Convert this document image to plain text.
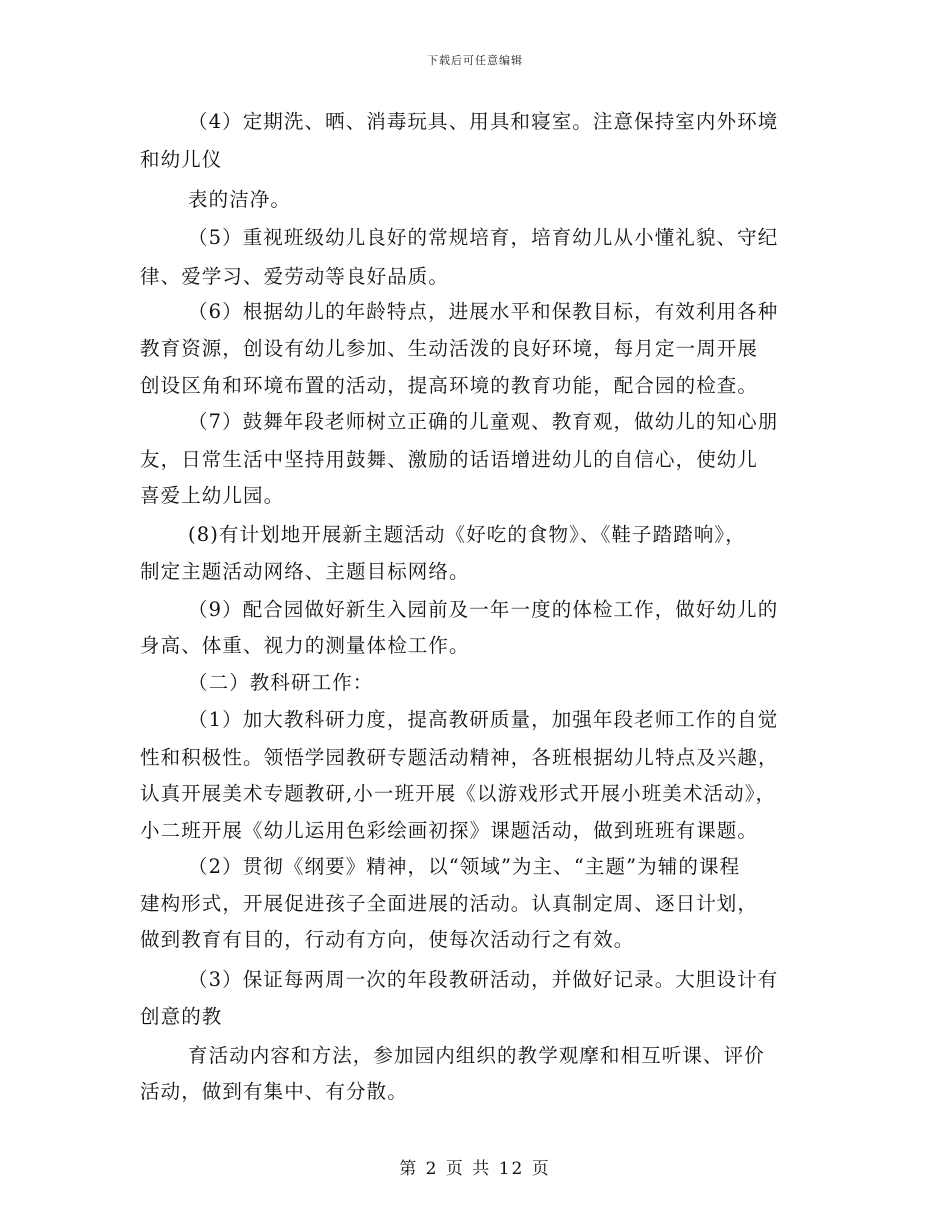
下载后可任意编辑
（4）定期洗、晒、消毒玩具、用具和寝室。注意保持室内外环境
和幼儿仪
表的洁净。
（5）重视班级幼儿良好的常规培育，培育幼儿从小懂礼貌、守纪
律、爱学习、爱劳动等良好品质。
（6）根据幼儿的年龄特点，进展水平和保教目标，有效利用各种
教育资源，创设有幼儿参加、生动活泼的良好环境，每月定一周开展
创设区角和环境布置的活动，提高环境的教育功能，配合园的检查。
（7）鼓舞年段老师树立正确的儿童观、教育观，做幼儿的知心朋
友，日常生活中坚持用鼓舞、激励的话语增进幼儿的自信心，使幼儿
喜爱上幼儿园。
(8)有计划地开展新主题活动《好吃的食物》、《鞋子踏踏响》，
制定主题活动网络、主题目标网络。
（9）配合园做好新生入园前及一年一度的体检工作，做好幼儿的
身高、体重、视力的测量体检工作。
（二）教科研工作：
（1）加大教科研力度，提高教研质量，加强年段老师工作的自觉
性和积极性。领悟学园教研专题活动精神，各班根据幼儿特点及兴趣，
认真开展美术专题教研,小一班开展《以游戏形式开展小班美术活动》，
小二班开展《幼儿运用色彩绘画初探》课题活动，做到班班有课题。
（2）贯彻《纲要》精神，以“领域”为主、“主题”为辅的课程
建构形式，开展促进孩子全面进展的活动。认真制定周、逐日计划，
做到教育有目的，行动有方向，使每次活动行之有效。
（3）保证每两周一次的年段教研活动，并做好记录。大胆设计有
创意的教
育活动内容和方法，参加园内组织的教学观摩和相互听课、评价
活动，做到有集中、有分散。
第 2 页 共 12 页
